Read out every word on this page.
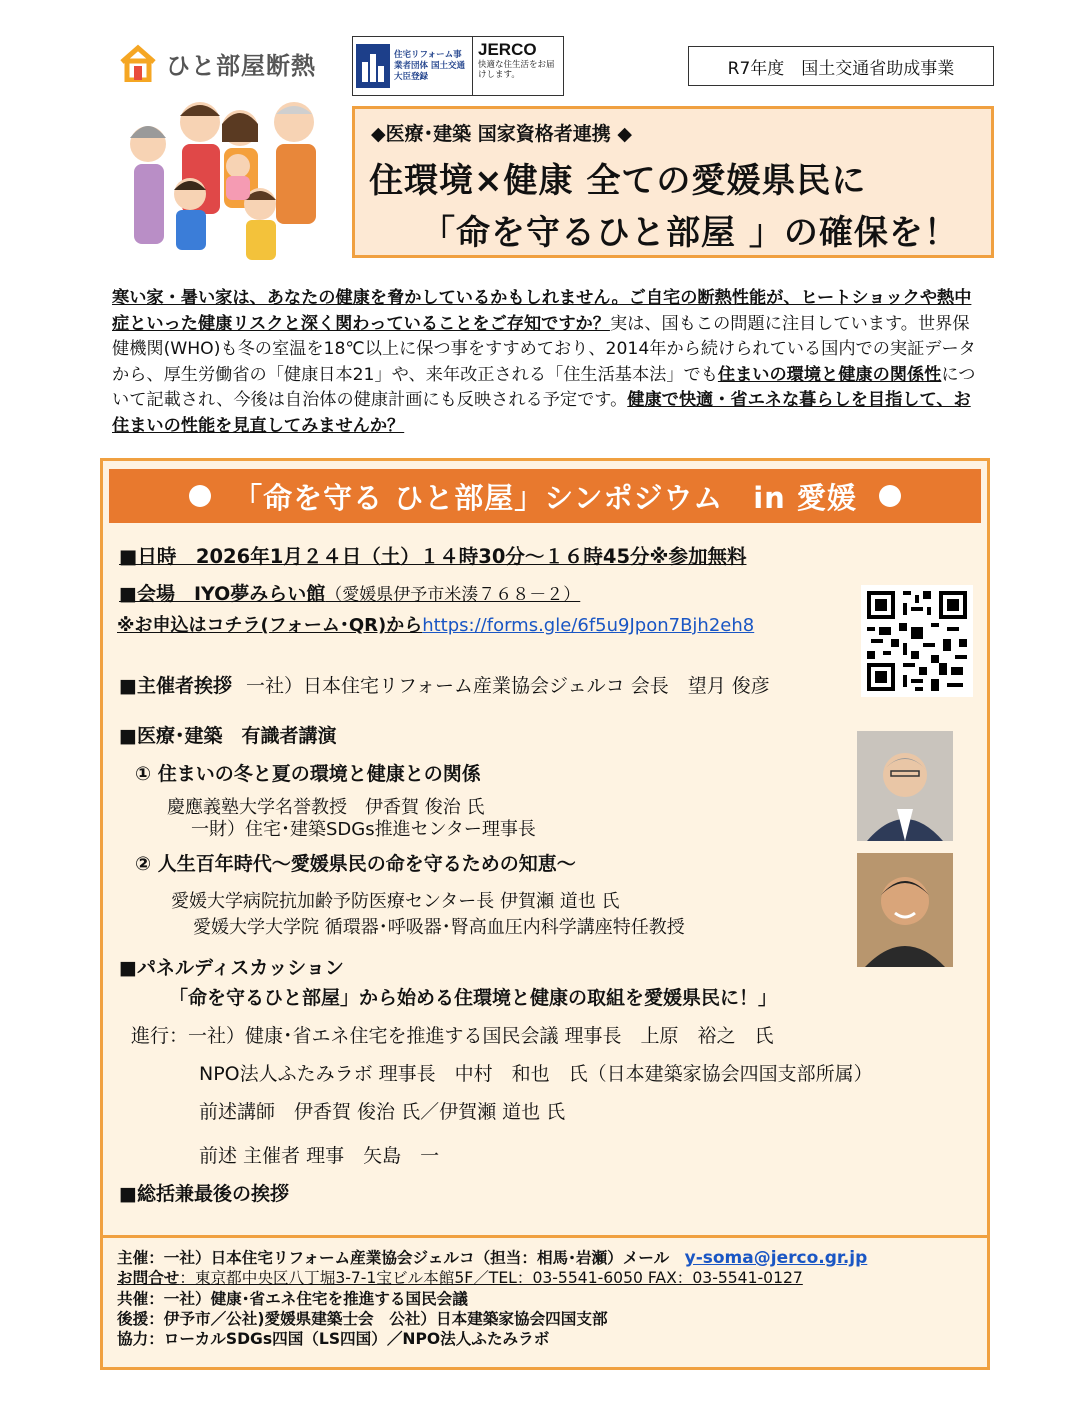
ひと部屋断熱	住宅リフォーム事業者団体 国土交通大臣登録
JERCO
快適な住生活をお届けします。	R7年度　国土交通省助成事業
◆医療･建築 国家資格者連携 ◆
住環境×健康 全ての愛媛県民に
「命を守るひと部屋 」の確保を！
寒い家・暑い家は、あなたの健康を脅かしているかもしれません。ご自宅の断熱性能が、ヒートショックや熱中症といった健康リスクと深く関わっていることをご存知ですか？実は、国もこの問題に注目しています。世界保健機関(WHO)も冬の室温を18℃以上に保つ事をすすめており、2014年から続けられている国内での実証データから、厚生労働省の「健康日本21」や、来年改正される「住生活基本法」でも住まいの環境と健康の関係性について記載され、今後は自治体の健康計画にも反映される予定です。健康で快適・省エネな暮らしを目指して、お住まいの性能を見直してみませんか？
「命を守る ひと部屋」シンポジウム　in 愛媛
■日時　2026年1月２４日（土）１４時30分～１６時45分※参加無料
■会場　IYO夢みらい館（愛媛県伊予市米湊７６８－２）
※お申込はコチラ(フォーム･QR)からhttps://forms.gle/6f5u9Jpon7Bjh2eh8
■主催者挨拶 一社）日本住宅リフォーム産業協会ジェルコ 会長　望月 俊彦
■医療･建築　有識者講演
① 住まいの冬と夏の環境と健康との関係
慶應義塾大学名誉教授　伊香賀 俊治 氏
一財）住宅･建築SDGs推進センター理事長
② 人生百年時代～愛媛県民の命を守るための知恵～
愛媛大学病院抗加齢予防医療センター長 伊賀瀬 道也 氏
愛媛大学大学院 循環器･呼吸器･腎高血圧内科学講座特任教授
■パネルディスカッション
「命を守るひと部屋」から始める住環境と健康の取組を愛媛県民に！」
進行：一社）健康･省エネ住宅を推進する国民会議 理事長　上原　裕之　氏
NPO法人ふたみラボ 理事長　中村　和也　氏（日本建築家協会四国支部所属）
前述講師　伊香賀 俊治 氏／伊賀瀬 道也 氏
前述 主催者 理事　矢島　一
■総括兼最後の挨拶
主催：一社）日本住宅リフォーム産業協会ジェルコ（担当：相馬･岩瀬）メール y-soma@jerco.gr.jp
お問合せ：東京都中央区八丁堀3-7-1宝ビル本館5F／TEL：03-5541-6050 FAX：03-5541-0127
共催：一社）健康･省エネ住宅を推進する国民会議
後援：伊予市／公社)愛媛県建築士会　公社）日本建築家協会四国支部
協力：ローカルSDGs四国（LS四国）／NPO法人ふたみラボ
